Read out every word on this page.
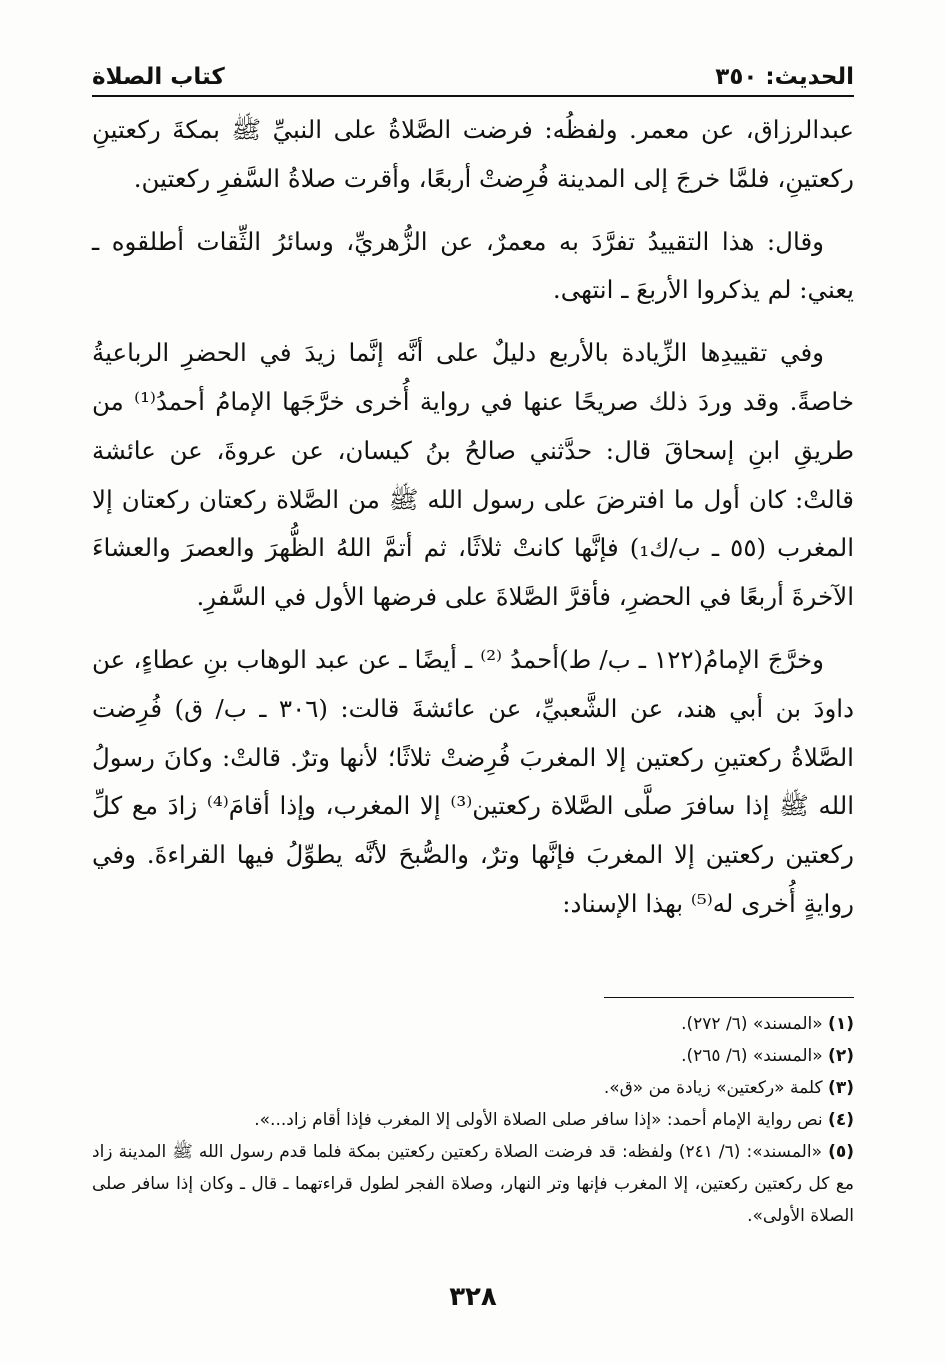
الحديث: ٣٥٠
كتاب الصلاة

عبدالرزاق، عن معمر. ولفظُه: فرضت الصَّلاةُ على النبيِّ ﷺ بمكةَ ركعتينِ ركعتينِ، فلمَّا خرجَ إلى المدينة فُرِضتْ أربعًا، وأقرت صلاةُ السَّفرِ ركعتين.

وقال: هذا التقييدُ تفرَّدَ به معمرٌ، عن الزُّهريِّ، وسائرُ الثِّقات أطلقوه ـ يعني: لم يذكروا الأربعَ ـ انتهى.

وفي تقييدِها الزِّيادة بالأربع دليلٌ على أنَّه إنَّما زيدَ في الحضرِ الرباعيةُ خاصةً. وقد وردَ ذلك صريحًا عنها في رواية أُخرى خرَّجَها الإمامُ أحمدُ⁽¹⁾ من طريقِ ابنِ إسحاقَ قال: حدَّثني صالحُ بنُ كيسان، عن عروةَ، عن عائشة قالتْ: كان أول ما افترضَ على رسول الله ﷺ من الصَّلاة ركعتان ركعتان إلا المغرب (٥٥ ـ ب/ك₁) فإنَّها كانتْ ثلاثًا، ثم أتمَّ اللهُ الظُّهرَ والعصرَ والعشاءَ الآخرةَ أربعًا في الحضرِ، فأقرَّ الصَّلاةَ على فرضها الأول في السَّفرِ.

وخرَّجَ الإمامُ(١٢٢ ـ ب/ ط)أحمدُ ⁽²⁾ ـ أيضًا ـ عن عبد الوهاب بنِ عطاءٍ، عن داودَ بن أبي هند، عن الشَّعبيِّ، عن عائشةَ قالت: (٣٠٦ ـ ب/ ق) فُرِضت الصَّلاةُ ركعتينِ ركعتين إلا المغربَ فُرِضتْ ثلاثًا؛ لأنها وترٌ. قالتْ: وكانَ رسولُ الله ﷺ إذا سافرَ صلَّى الصَّلاة ركعتين⁽³⁾ إلا المغرب، وإذا أقامَ⁽⁴⁾ زادَ مع كلِّ ركعتين ركعتين إلا المغربَ فإنَّها وترٌ، والصُّبحَ لأنَّه يطوِّلُ فيها القراءةَ. وفي روايةٍ أُخرى له⁽⁵⁾ بهذا الإسناد:

(١) «المسند» (٦/ ٢٧٢).
(٢) «المسند» (٦/ ٢٦٥).
(٣) كلمة «ركعتين» زيادة من «ق».
(٤) نص رواية الإمام أحمد: «إذا سافر صلى الصلاة الأولى إلا المغرب فإذا أقام زاد...».
(٥) «المسند»: (٦/ ٢٤١) ولفظه: قد فرضت الصلاة ركعتين ركعتين بمكة فلما قدم رسول الله ﷺ المدينة زاد مع كل ركعتين ركعتين، إلا المغرب فإنها وتر النهار، وصلاة الفجر لطول قراءتهما ـ قال ـ وكان إذا سافر صلى الصلاة الأولى».
٣٢٨
